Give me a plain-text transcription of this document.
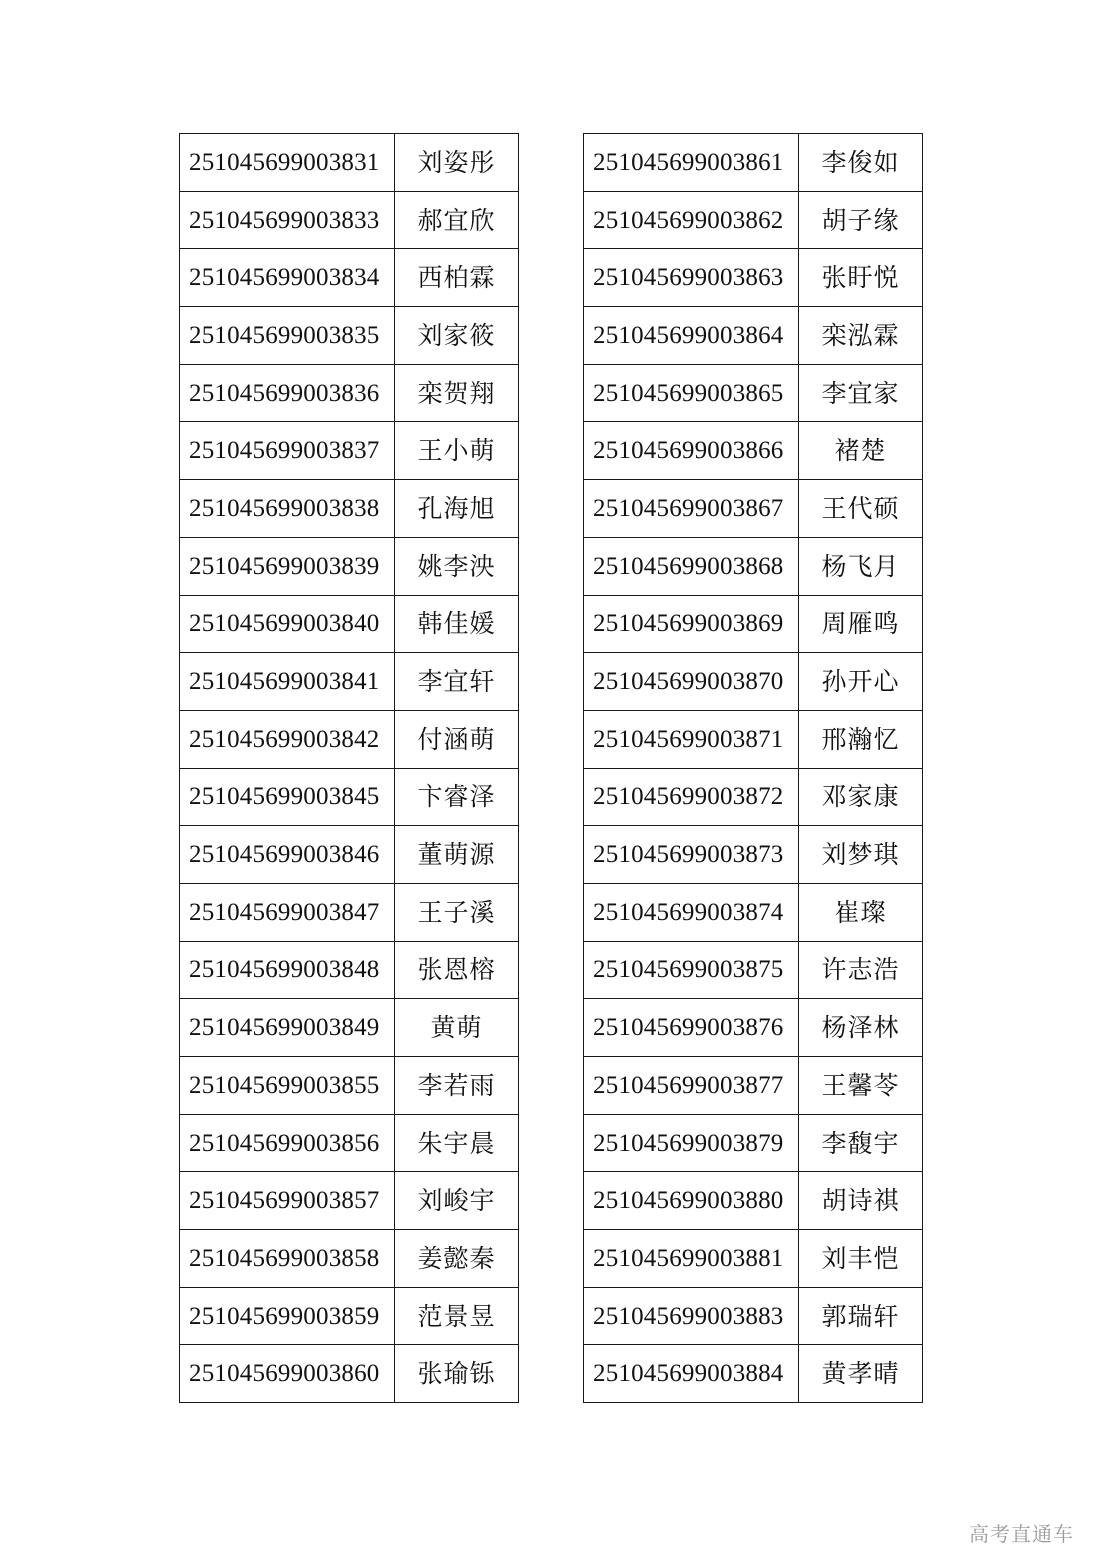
251045699003831	刘姿彤
251045699003833	郝宜欣
251045699003834	西柏霖
251045699003835	刘家筱
251045699003836	栾贺翔
251045699003837	王小萌
251045699003838	孔海旭
251045699003839	姚李泱
251045699003840	韩佳媛
251045699003841	李宜轩
251045699003842	付涵萌
251045699003845	卞睿泽
251045699003846	董萌源
251045699003847	王子溪
251045699003848	张恩榕
251045699003849	黄萌
251045699003855	李若雨
251045699003856	朱宇晨
251045699003857	刘峻宇
251045699003858	姜懿秦
251045699003859	范景昱
251045699003860	张瑜铄
251045699003861	李俊如
251045699003862	胡子缘
251045699003863	张盱悦
251045699003864	栾泓霖
251045699003865	李宜家
251045699003866	褚楚
251045699003867	王代硕
251045699003868	杨飞月
251045699003869	周雁鸣
251045699003870	孙开心
251045699003871	邢瀚忆
251045699003872	邓家康
251045699003873	刘梦琪
251045699003874	崔璨
251045699003875	许志浩
251045699003876	杨泽林
251045699003877	王馨苓
251045699003879	李馥宇
251045699003880	胡诗祺
251045699003881	刘丰恺
251045699003883	郭瑞轩
251045699003884	黄孝晴
高考直通车
